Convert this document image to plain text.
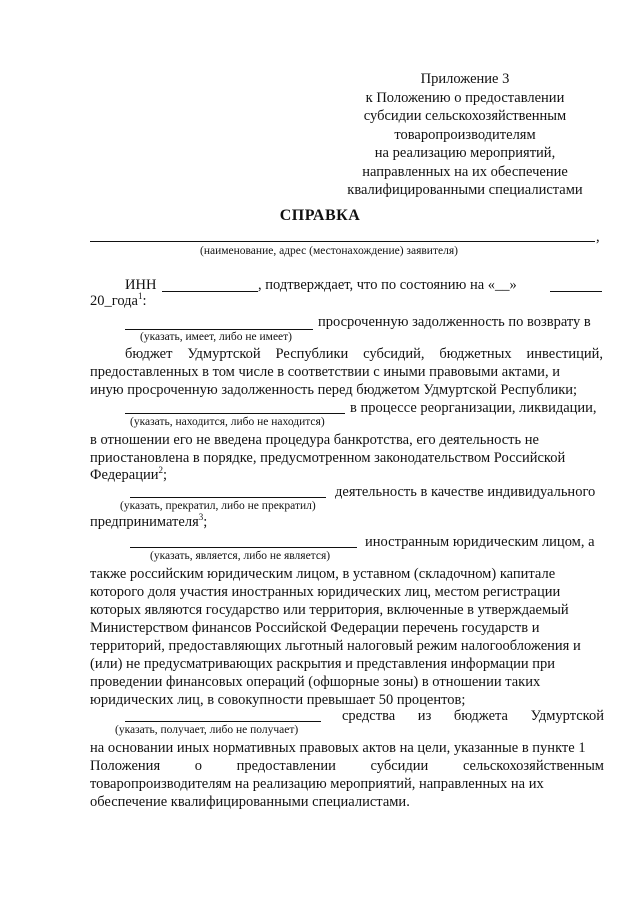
Приложение 3
к Положению о предоставлении
субсидии сельскохозяйственным
товаропроизводителям
на реализацию мероприятий,
направленных на их обеспечение
квалифицированными специалистами
СПРАВКА
,
(наименование, адрес (местонахождение) заявителя)
ИНН	, подтверждает, что по состоянию на «__»
20_года$^1$:
просроченную задолженность по возврату в
(указать, имеет, либо не имеет)
бюджет Удмуртской Республики субсидий, бюджетных инвестиций,
предоставленных в том числе в соответствии с иными правовыми актами, и
иную просроченную задолженность перед бюджетом Удмуртской Республики;
в процессе реорганизации, ликвидации,
(указать, находится, либо не находится)
в отношении его не введена процедура банкротства, его деятельность не
приостановлена в порядке, предусмотренном законодательством Российской
Федерации$^2$;
деятельность в качестве индивидуального
(указать, прекратил, либо не прекратил)
предпринимателя$^3$;
иностранным юридическим лицом, а
(указать, является, либо не является)
также российским юридическим лицом, в уставном (складочном) капитале
которого доля участия иностранных юридических лиц, местом регистрации
которых являются государство или территория, включенные в утверждаемый
Министерством финансов Российской Федерации перечень государств и
территорий, предоставляющих льготный налоговый режим налогообложения и
(или) не предусматривающих раскрытия и представления информации при
проведении финансовых операций (офшорные зоны) в отношении таких
юридических лиц, в совокупности превышает 50 процентов;
средства из бюджета Удмуртской
(указать, получает, либо не получает)
на основании иных нормативных правовых актов на цели, указанные в пункте 1
Положения о предоставлении субсидии сельскохозяйственным
товаропроизводителям на реализацию мероприятий, направленных на их
обеспечение квалифицированными специалистами.
